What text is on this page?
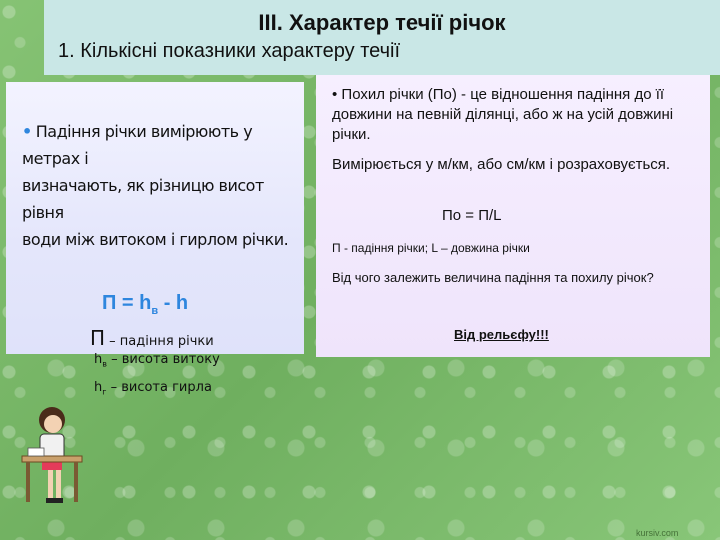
ІІІ. Характер течії річок
1. Кількісні показники характеру течії
• Падіння річки вимірюють у метрах і
визначають, як різницю висот рівня
води між витоком і гирлом річки.
$П = h_в - h$
П – падіння річки
$h_в$ – висота витоку
$h_г$ – висота гирла
• Похил річки (По) - це відношення падіння до її довжини на певній ділянці, або ж на усій довжині річки.
Вимірюється у м/км, або см/км і розраховується.
По = П/L
П - падіння річки; L – довжина річки
Від чого залежить величина падіння та похилу річок?
Від рельєфу!!!
kursiv.com
